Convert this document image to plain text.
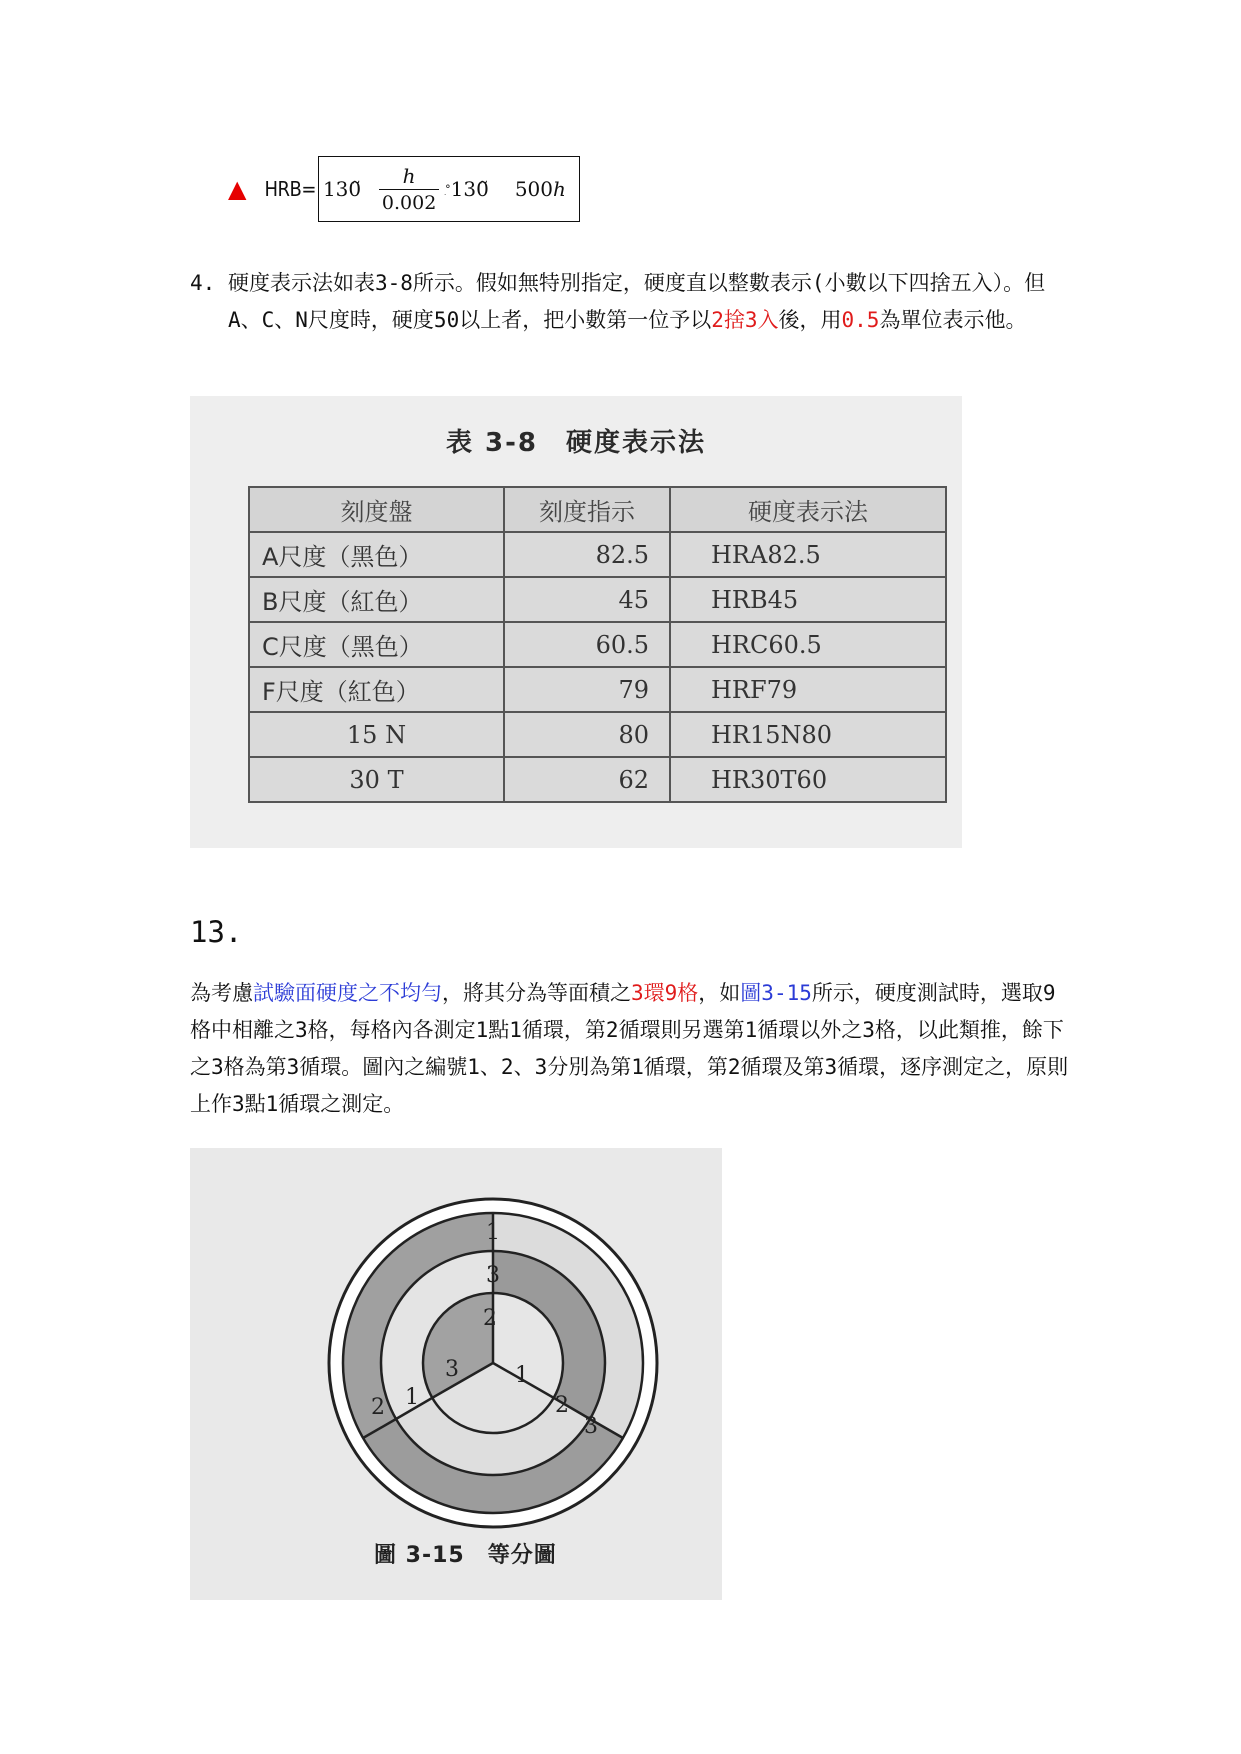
▲ HRB= 130̃ $\frac{h}{0.002}$ ׅ° 130̃ 500 h
4. 硬度表示法如表3-8所示。假如無特別指定，硬度直以整數表示(小數以下四捨五入）。但A、C、N尺度時，硬度50以上者，把小數第一位予以2捨3入後，用0.5為單位表示他。
表 3-8　硬度表示法
刻度盤	刻度指示	硬度表示法
A尺度（黑色）	82.5	HRA82.5
B尺度（紅色）	45	HRB45
C尺度（黑色）	60.5	HRC60.5
F尺度（紅色）	79	HRF79
15 N	80	HR15N80
30 T	62	HR30T60
13.
為考慮試驗面硬度之不均勻，將其分為等面積之3環9格，如圖3-15所示，硬度測試時，選取9格中相離之3格，每格內各測定1點1循環，第2循環則另選第1循環以外之3格，以此類推，餘下之3格為第3循環。圖內之編號1、2、3分別為第1循環，第2循環及第3循環，逐序測定之，原則上作3點1循環之測定。
1
3
2
3	1
1	2
2
3
圖 3-15　等分圖
